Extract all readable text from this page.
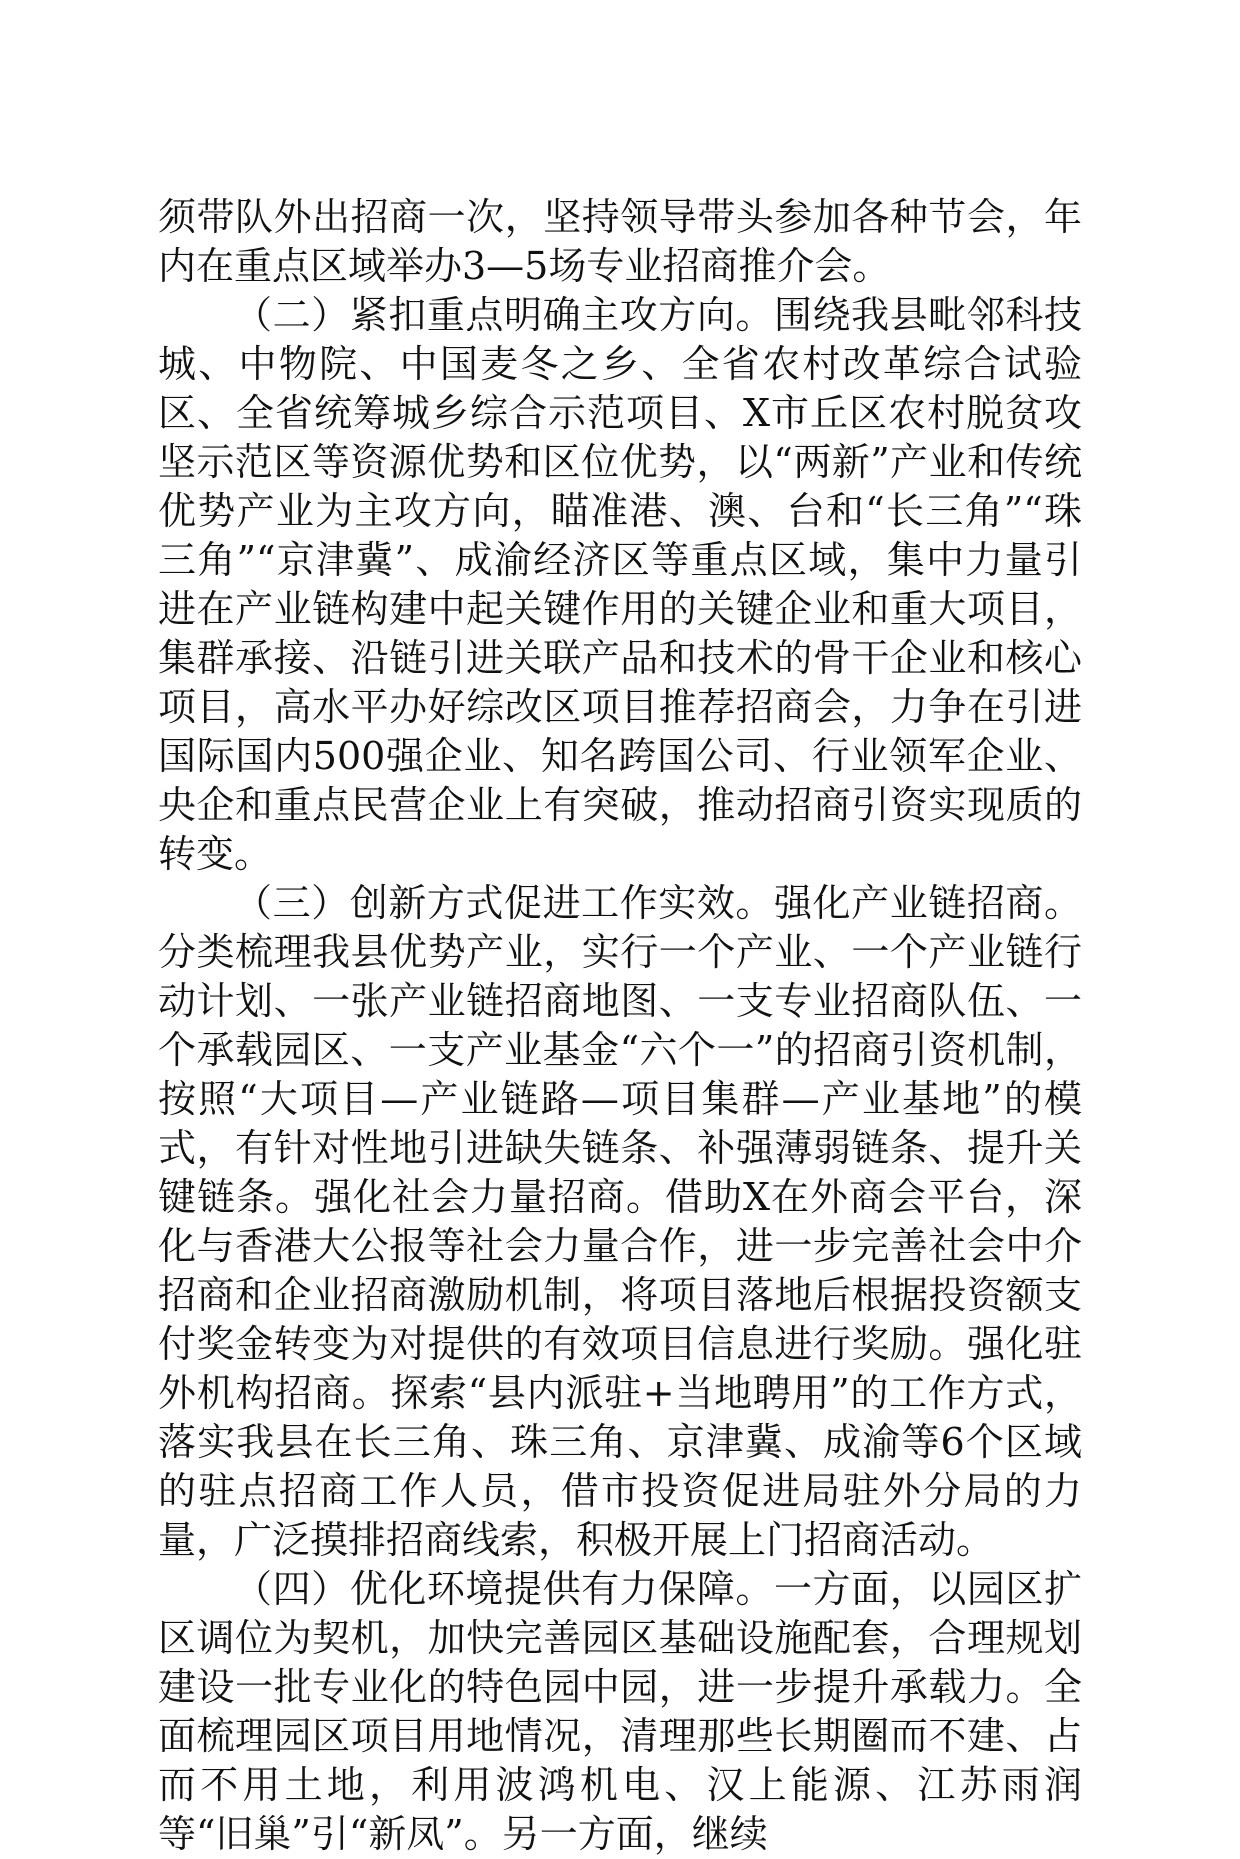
须带队外出招商一次，坚持领导带头参加各种节会，年内在重点区域举办3—5场专业招商推介会。

（二）紧扣重点明确主攻方向。围绕我县毗邻科技城、中物院、中国麦冬之乡、全省农村改革综合试验区、全省统筹城乡综合示范项目、X市丘区农村脱贫攻坚示范区等资源优势和区位优势，以“两新”产业和传统优势产业为主攻方向，瞄准港、澳、台和“长三角”“珠三角”“京津冀”、成渝经济区等重点区域，集中力量引进在产业链构建中起关键作用的关键企业和重大项目，集群承接、沿链引进关联产品和技术的骨干企业和核心项目，高水平办好综改区项目推荐招商会，力争在引进国际国内500强企业、知名跨国公司、行业领军企业、央企和重点民营企业上有突破，推动招商引资实现质的转变。

（三）创新方式促进工作实效。强化产业链招商。分类梳理我县优势产业，实行一个产业、一个产业链行动计划、一张产业链招商地图、一支专业招商队伍、一个承载园区、一支产业基金“六个一”的招商引资机制，按照“大项目—产业链路—项目集群—产业基地”的模式，有针对性地引进缺失链条、补强薄弱链条、提升关键链条。强化社会力量招商。借助X在外商会平台，深化与香港大公报等社会力量合作，进一步完善社会中介招商和企业招商激励机制，将项目落地后根据投资额支付奖金转变为对提供的有效项目信息进行奖励。强化驻外机构招商。探索“县内派驻+当地聘用”的工作方式，落实我县在长三角、珠三角、京津冀、成渝等6个区域的驻点招商工作人员，借市投资促进局驻外分局的力量，广泛摸排招商线索，积极开展上门招商活动。

（四）优化环境提供有力保障。一方面，以园区扩区调位为契机，加快完善园区基础设施配套，合理规划建设一批专业化的特色园中园，进一步提升承载力。全面梳理园区项目用地情况，清理那些长期圈而不建、占而不用土地，利用波鸿机电、汉上能源、江苏雨润等“旧巢”引“新凤”。另一方面，继续
